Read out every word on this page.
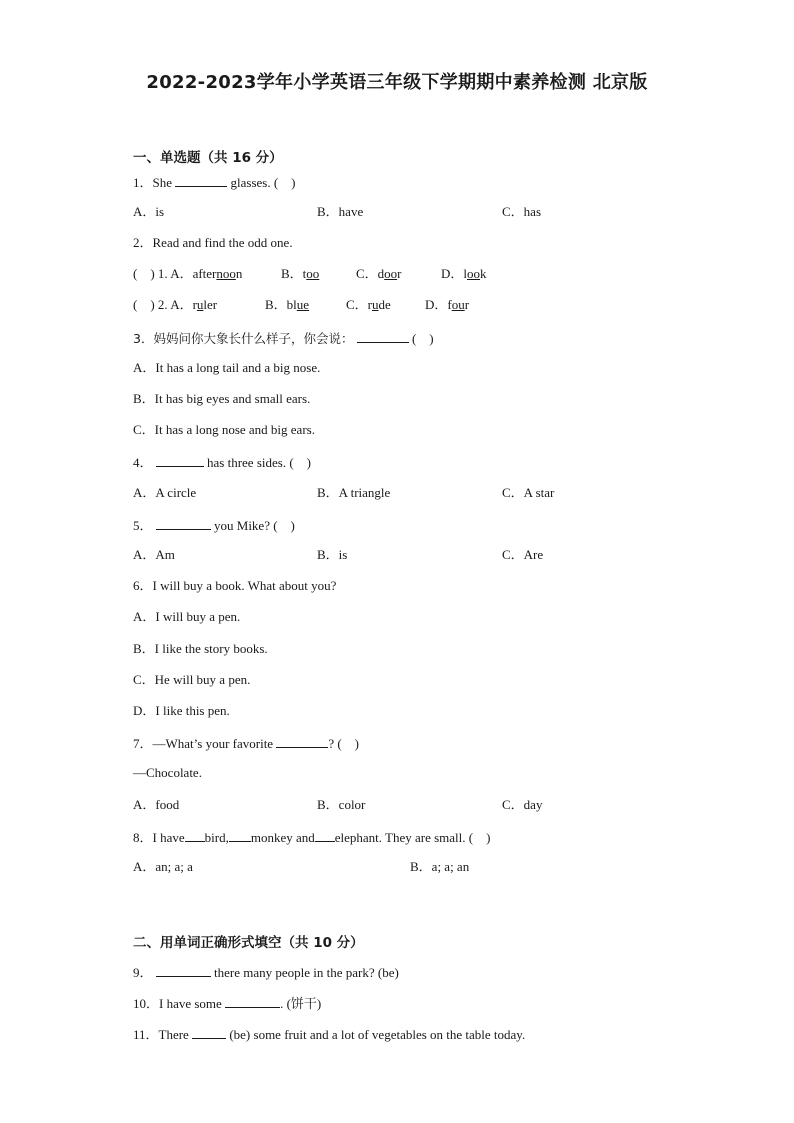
2022-2023学年小学英语三年级下学期期中素养检测 北京版
一、单选题（共 16 分）
1．She	glasses. (　)
A．is	B．have	C．has
2．Read and find the odd one.
(　) 1. A．afternoon	B．too	C．door	D．look
(　) 2. A．ruler	B．blue	C．rude	D．four
3．妈妈问你大象长什么样子，你会说：	(　)
A．It has a long tail and a big nose.
B．It has big eyes and small ears.
C．It has a long nose and big ears.
4．	has three sides. (　)
A．A circle	B．A triangle	C．A star
5．	you Mike? (　)
A．Am	B．is	C．Are
6．I will buy a book. What about you?
A．I will buy a pen.
B．I like the story books.
C．He will buy a pen.
D．I like this pen.
7．—What’s your favorite	? (　)
—Chocolate.
A．food	B．color	C．day
8．I have bird, monkey and elephant. They are small. (　)
A．an; a; a	B．a; a; an
二、用单词正确形式填空（共 10 分）
9．	there many people in the park? (be)
10．I have some	. (饼干)
11．There	(be) some fruit and a lot of vegetables on the table today.
